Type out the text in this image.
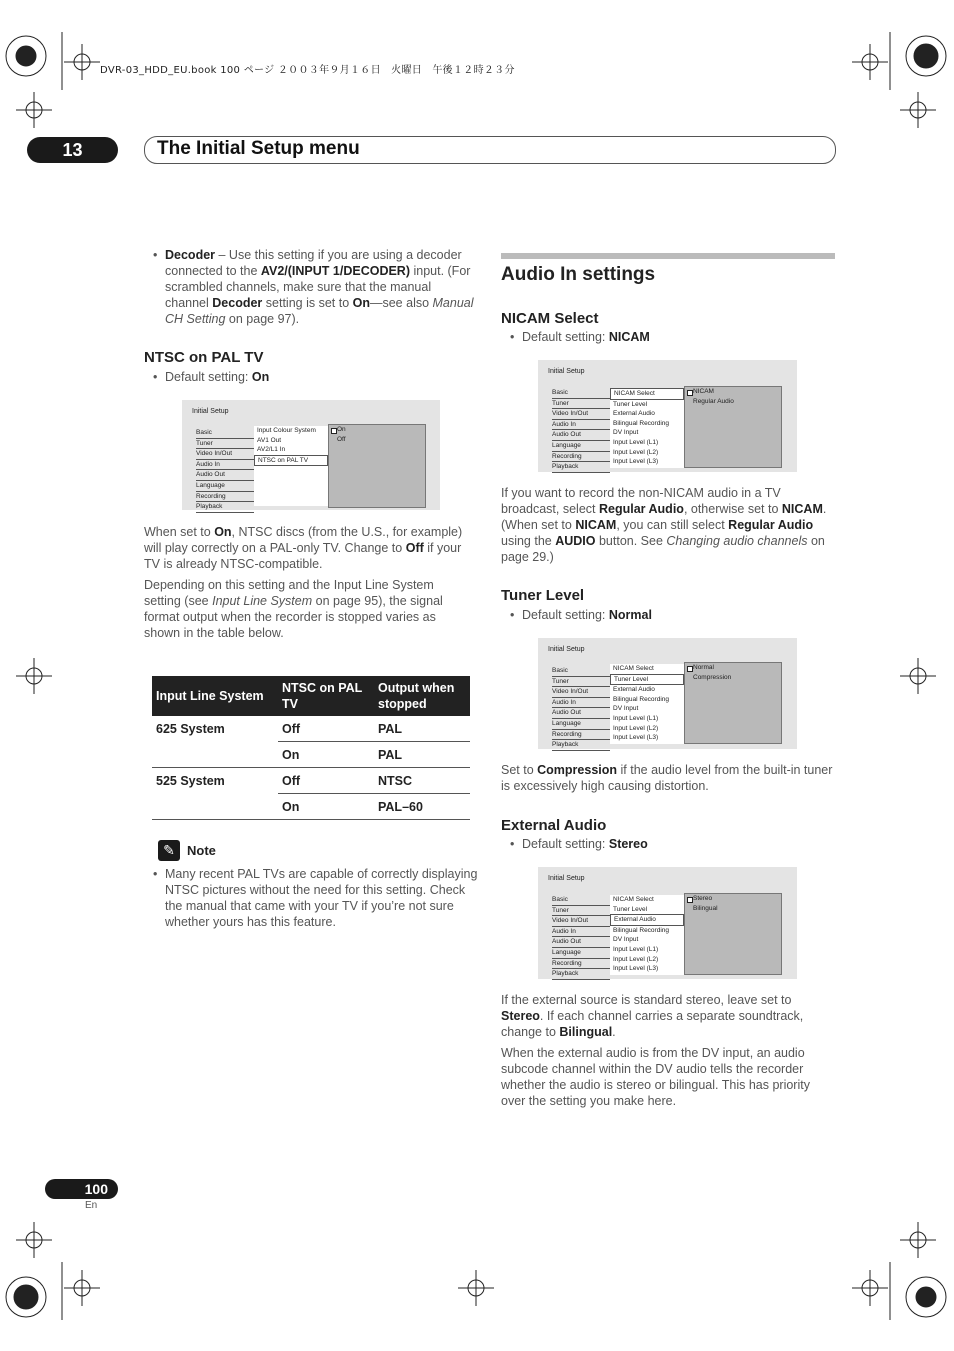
DVR-03_HDD_EU.book 100 ページ ２００３年９月１６日　火曜日　午後１２時２３分
13	The Initial Setup menu
• Decoder – Use this setting if you are using a decoder connected to the AV2/(INPUT 1/DECODER) input. (For scrambled channels, make sure that the manual channel Decoder setting is set to On—see also Manual CH Setting on page 97).
NTSC on PAL TV
• Default setting: On
Initial Setup
Basic
Tuner
Video In/Out
Audio In
Audio Out
Language
Recording
Playback
Input Colour System
AV1 Out
AV2/L1 In
NTSC on PAL TV
On
Off
When set to On, NTSC discs (from the U.S., for example) will play correctly on a PAL-only TV. Change to Off if your TV is already NTSC-compatible.
Depending on this setting and the Input Line System setting (see Input Line System on page 95), the signal format output when the recorder is stopped varies as shown in the table below.
Input Line System	NTSC on PAL TV	Output when stopped
625 System	Off	PAL
	On	PAL
525 System	Off	NTSC
	On	PAL–60
✎ Note
• Many recent PAL TVs are capable of correctly displaying NTSC pictures without the need for this setting. Check the manual that came with your TV if you’re not sure whether yours has this feature.
Audio In settings
NICAM Select
• Default setting: NICAM
Initial Setup
Basic
Tuner
Video In/Out
Audio In
Audio Out
Language
Recording
Playback
NICAM Select
Tuner Level
External Audio
Bilingual Recording
DV Input
Input Level (L1)
Input Level (L2)
Input Level (L3)
NICAM
Regular Audio
If you want to record the non-NICAM audio in a TV broadcast, select Regular Audio, otherwise set to NICAM. (When set to NICAM, you can still select Regular Audio using the AUDIO button. See Changing audio channels on page 29.)
Tuner Level
• Default setting: Normal
Initial Setup
Basic
Tuner
Video In/Out
Audio In
Audio Out
Language
Recording
Playback
NICAM Select
Tuner Level
External Audio
Bilingual Recording
DV Input
Input Level (L1)
Input Level (L2)
Input Level (L3)
Normal
Compression
Set to Compression if the audio level from the built-in tuner is excessively high causing distortion.
External Audio
• Default setting: Stereo
Initial Setup
Basic
Tuner
Video In/Out
Audio In
Audio Out
Language
Recording
Playback
NICAM Select
Tuner Level
External Audio
Bilingual Recording
DV Input
Input Level (L1)
Input Level (L2)
Input Level (L3)
Stereo
Bilingual
If the external source is standard stereo, leave set to Stereo. If each channel carries a separate soundtrack, change to Bilingual.
When the external audio is from the DV input, an audio subcode channel within the DV audio tells the recorder whether the audio is stereo or bilingual. This has priority over the setting you make here.
100
En
